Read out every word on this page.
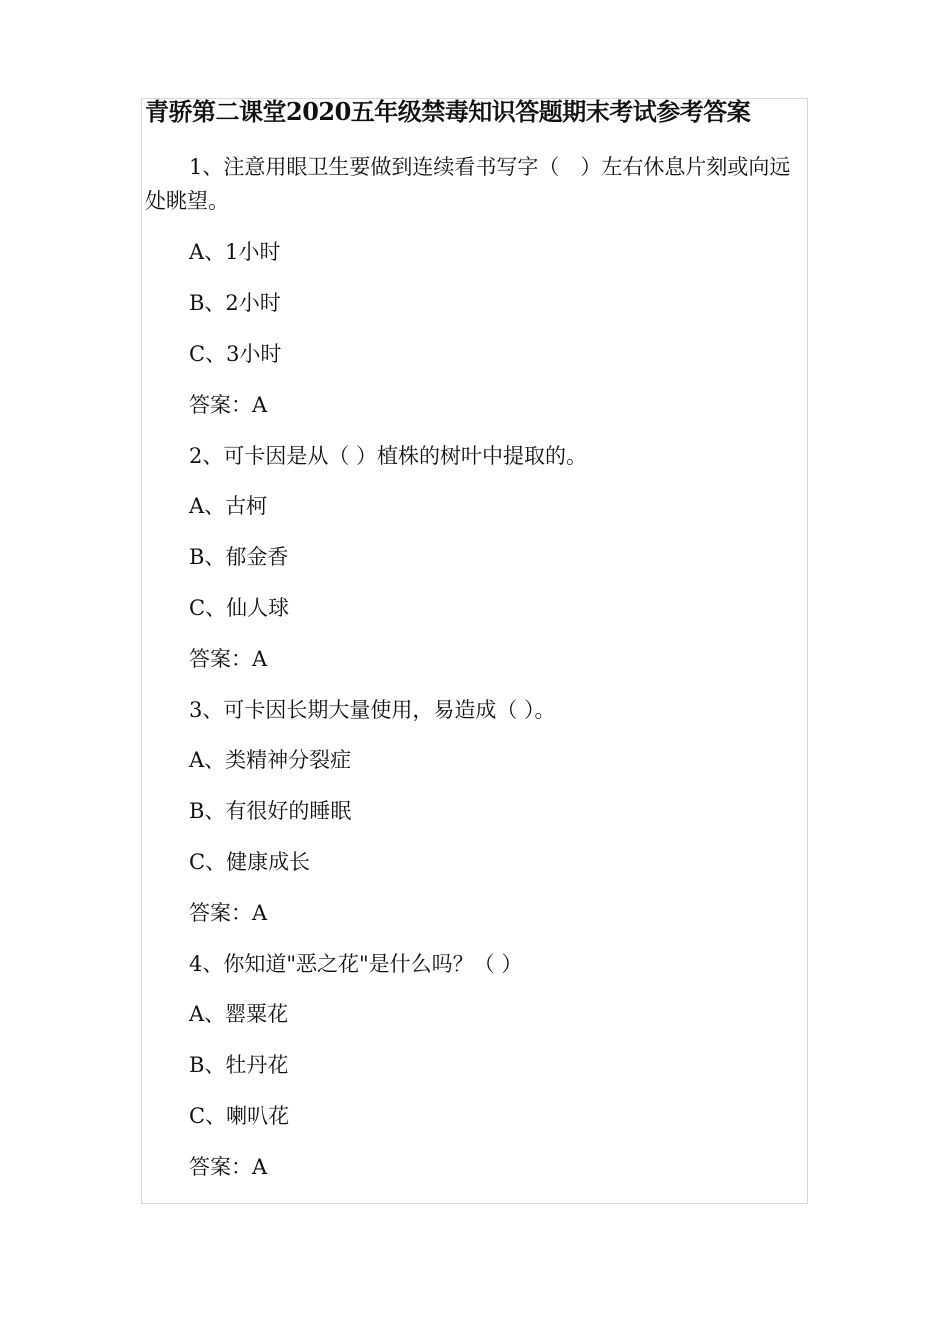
青骄第二课堂2020五年级禁毒知识答题期末考试参考答案

1、注意用眼卫生要做到连续看书写字（　）左右休息片刻或向远处眺望。

A、1小时

B、2小时

C、3小时

答案：A

2、可卡因是从（ ）植株的树叶中提取的。

A、古柯

B、郁金香

C、仙人球

答案：A

3、可卡因长期大量使用，易造成（ ）。

A、类精神分裂症

B、有很好的睡眠

C、健康成长

答案：A

4、你知道"恶之花"是什么吗？（ ）

A、罂粟花

B、牡丹花

C、喇叭花

答案：A
